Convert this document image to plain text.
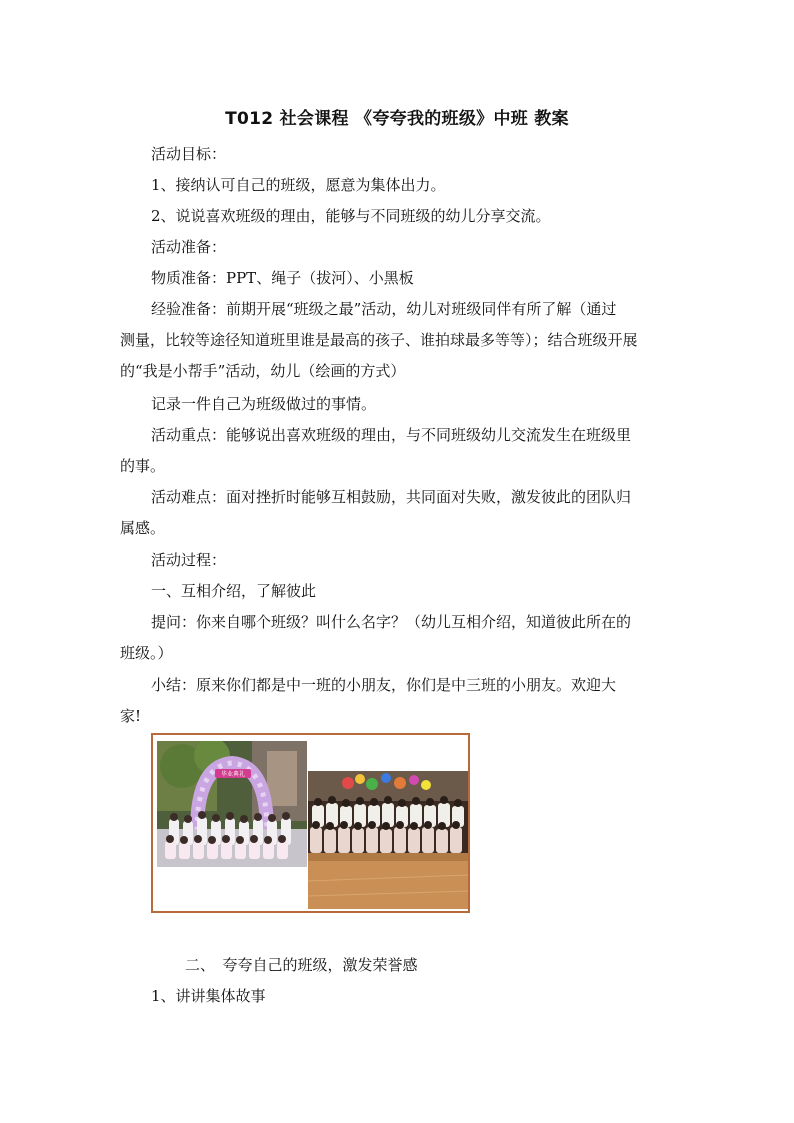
T012 社会课程 《夸夸我的班级》中班 教案
活动目标：
1、接纳认可自己的班级，愿意为集体出力。
2、说说喜欢班级的理由，能够与不同班级的幼儿分享交流。
活动准备：
物质准备：PPT、绳子（拔河）、小黑板
经验准备：前期开展“班级之最”活动，幼儿对班级同伴有所了解（通过
测量，比较等途径知道班里谁是最高的孩子、谁拍球最多等等）；结合班级开展
的“我是小帮手”活动，幼儿（绘画的方式）
记录一件自己为班级做过的事情。
活动重点：能够说出喜欢班级的理由，与不同班级幼儿交流发生在班级里
的事。
活动难点：面对挫折时能够互相鼓励，共同面对失败，激发彼此的团队归
属感。
活动过程：
一、互相介绍，了解彼此
提问：你来自哪个班级？叫什么名字？（幼儿互相介绍，知道彼此所在的
班级。）
小结：原来你们都是中一班的小朋友，你们是中三班的小朋友。欢迎大
家!
毕业典礼
二、　夸夸自己的班级，激发荣誉感
1、讲讲集体故事
